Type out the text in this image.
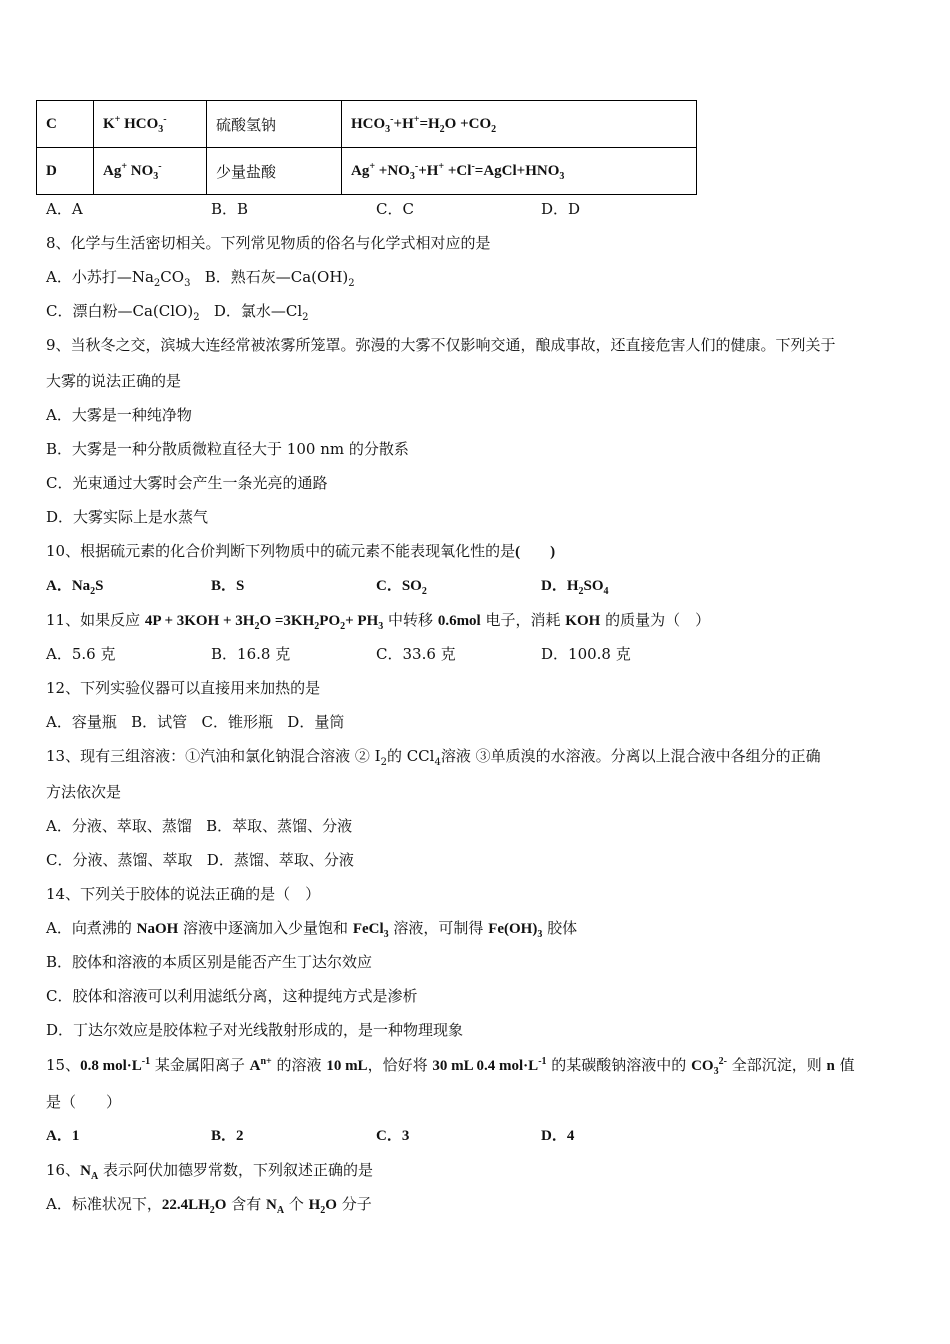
C	K+ $HCO_3^-$	硫酸氢钠	$HCO_3^-+H^+=H_2O +CO_2$
D	Ag+ $NO_3^-$	少量盐酸	$Ag^+ +NO_3^-+H^+$ $+Cl^-=AgCl+HNO_3$
A．A	B．B	C．C	D．D
8、化学与生活密切相关。下列常见物质的俗名与化学式相对应的是
A．小苏打$—Na_2CO_3$   B．熟石灰$—Ca(OH)_2$
C．漂白粉$—Ca(ClO)_2$   D．氯水$—Cl_2$
9、当秋冬之交，滨城大连经常被浓雾所笼罩。弥漫的大雾不仅影响交通，酿成事故，还直接危害人们的健康。下列关于
大雾的说法正确的是
A．大雾是一种纯净物
B．大雾是一种分散质微粒直径大于 100 nm 的分散系
C．光束通过大雾时会产生一条光亮的通路
D．大雾实际上是水蒸气
10、根据硫元素的化合价判断下列物质中的硫元素不能表现氧化性的是(　　)
A．$Na_2S$	B．S	C．$SO_2$	D．$H_2SO_4$
11、如果反应 $4P + 3KOH + 3H_2O =3KH_2PO_2+ PH_3$ 中转移 0.6mol 电子，消耗 KOH 的质量为（　）
A．5.6 克	B．16.8 克	C．33.6 克	D．100.8 克
12、下列实验仪器可以直接用来加热的是
A．容量瓶 B．试管 C．锥形瓶 D．量筒
13、现有三组溶液：①汽油和氯化钠混合溶液 ② $I_2$的 CCl$_4$溶液 ③单质溴的水溶液。分离以上混合液中各组分的正确
方法依次是
A．分液、萃取、蒸馏 B．萃取、蒸馏、分液
C．分液、蒸馏、萃取 D．蒸馏、萃取、分液
14、下列关于胶体的说法正确的是（　）
A．向煮沸的 NaOH 溶液中逐滴加入少量饱和 FeCl$_3$ 溶液，可制得 $Fe(OH)_3$ 胶体
B．胶体和溶液的本质区别是能否产生丁达尔效应
C．胶体和溶液可以利用滤纸分离，这种提纯方式是渗析
D．丁达尔效应是胶体粒子对光线散射形成的，是一种物理现象
15、0.8 $mol\cdot L^{-1}$ 某金属阳离子 $A^{n+}$ 的溶液 10 mL，恰好将 30 mL 0.4 $mol\cdot L^{-1}$ 的某碳酸钠溶液中的 $CO_3^{2-}$ 全部沉淀，则 n 值
是（　　）
A．1	B．2	C．3	D．4
16、$N_A$ 表示阿伏加德罗常数，下列叙述正确的是
A．标准状况下，$22.4LH_2O$ 含有 $N_A$ 个 $H_2O$ 分子
